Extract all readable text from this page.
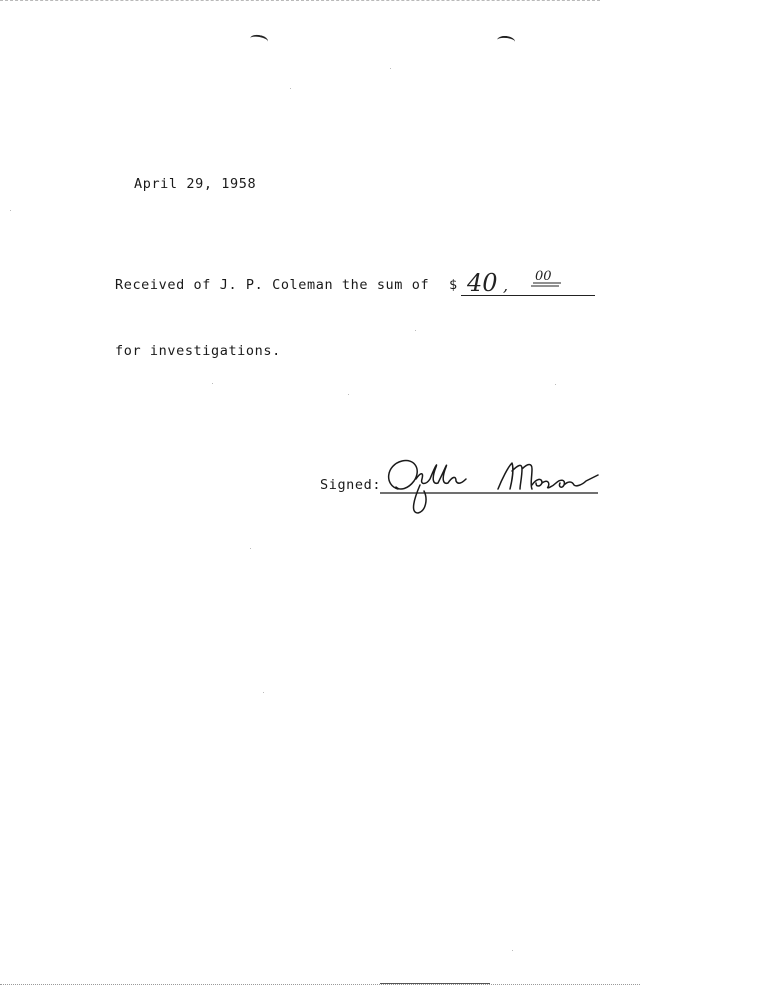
April 29, 1958
Received of J. P. Coleman the sum of $ 40 , 00
for investigations.
Signed:
